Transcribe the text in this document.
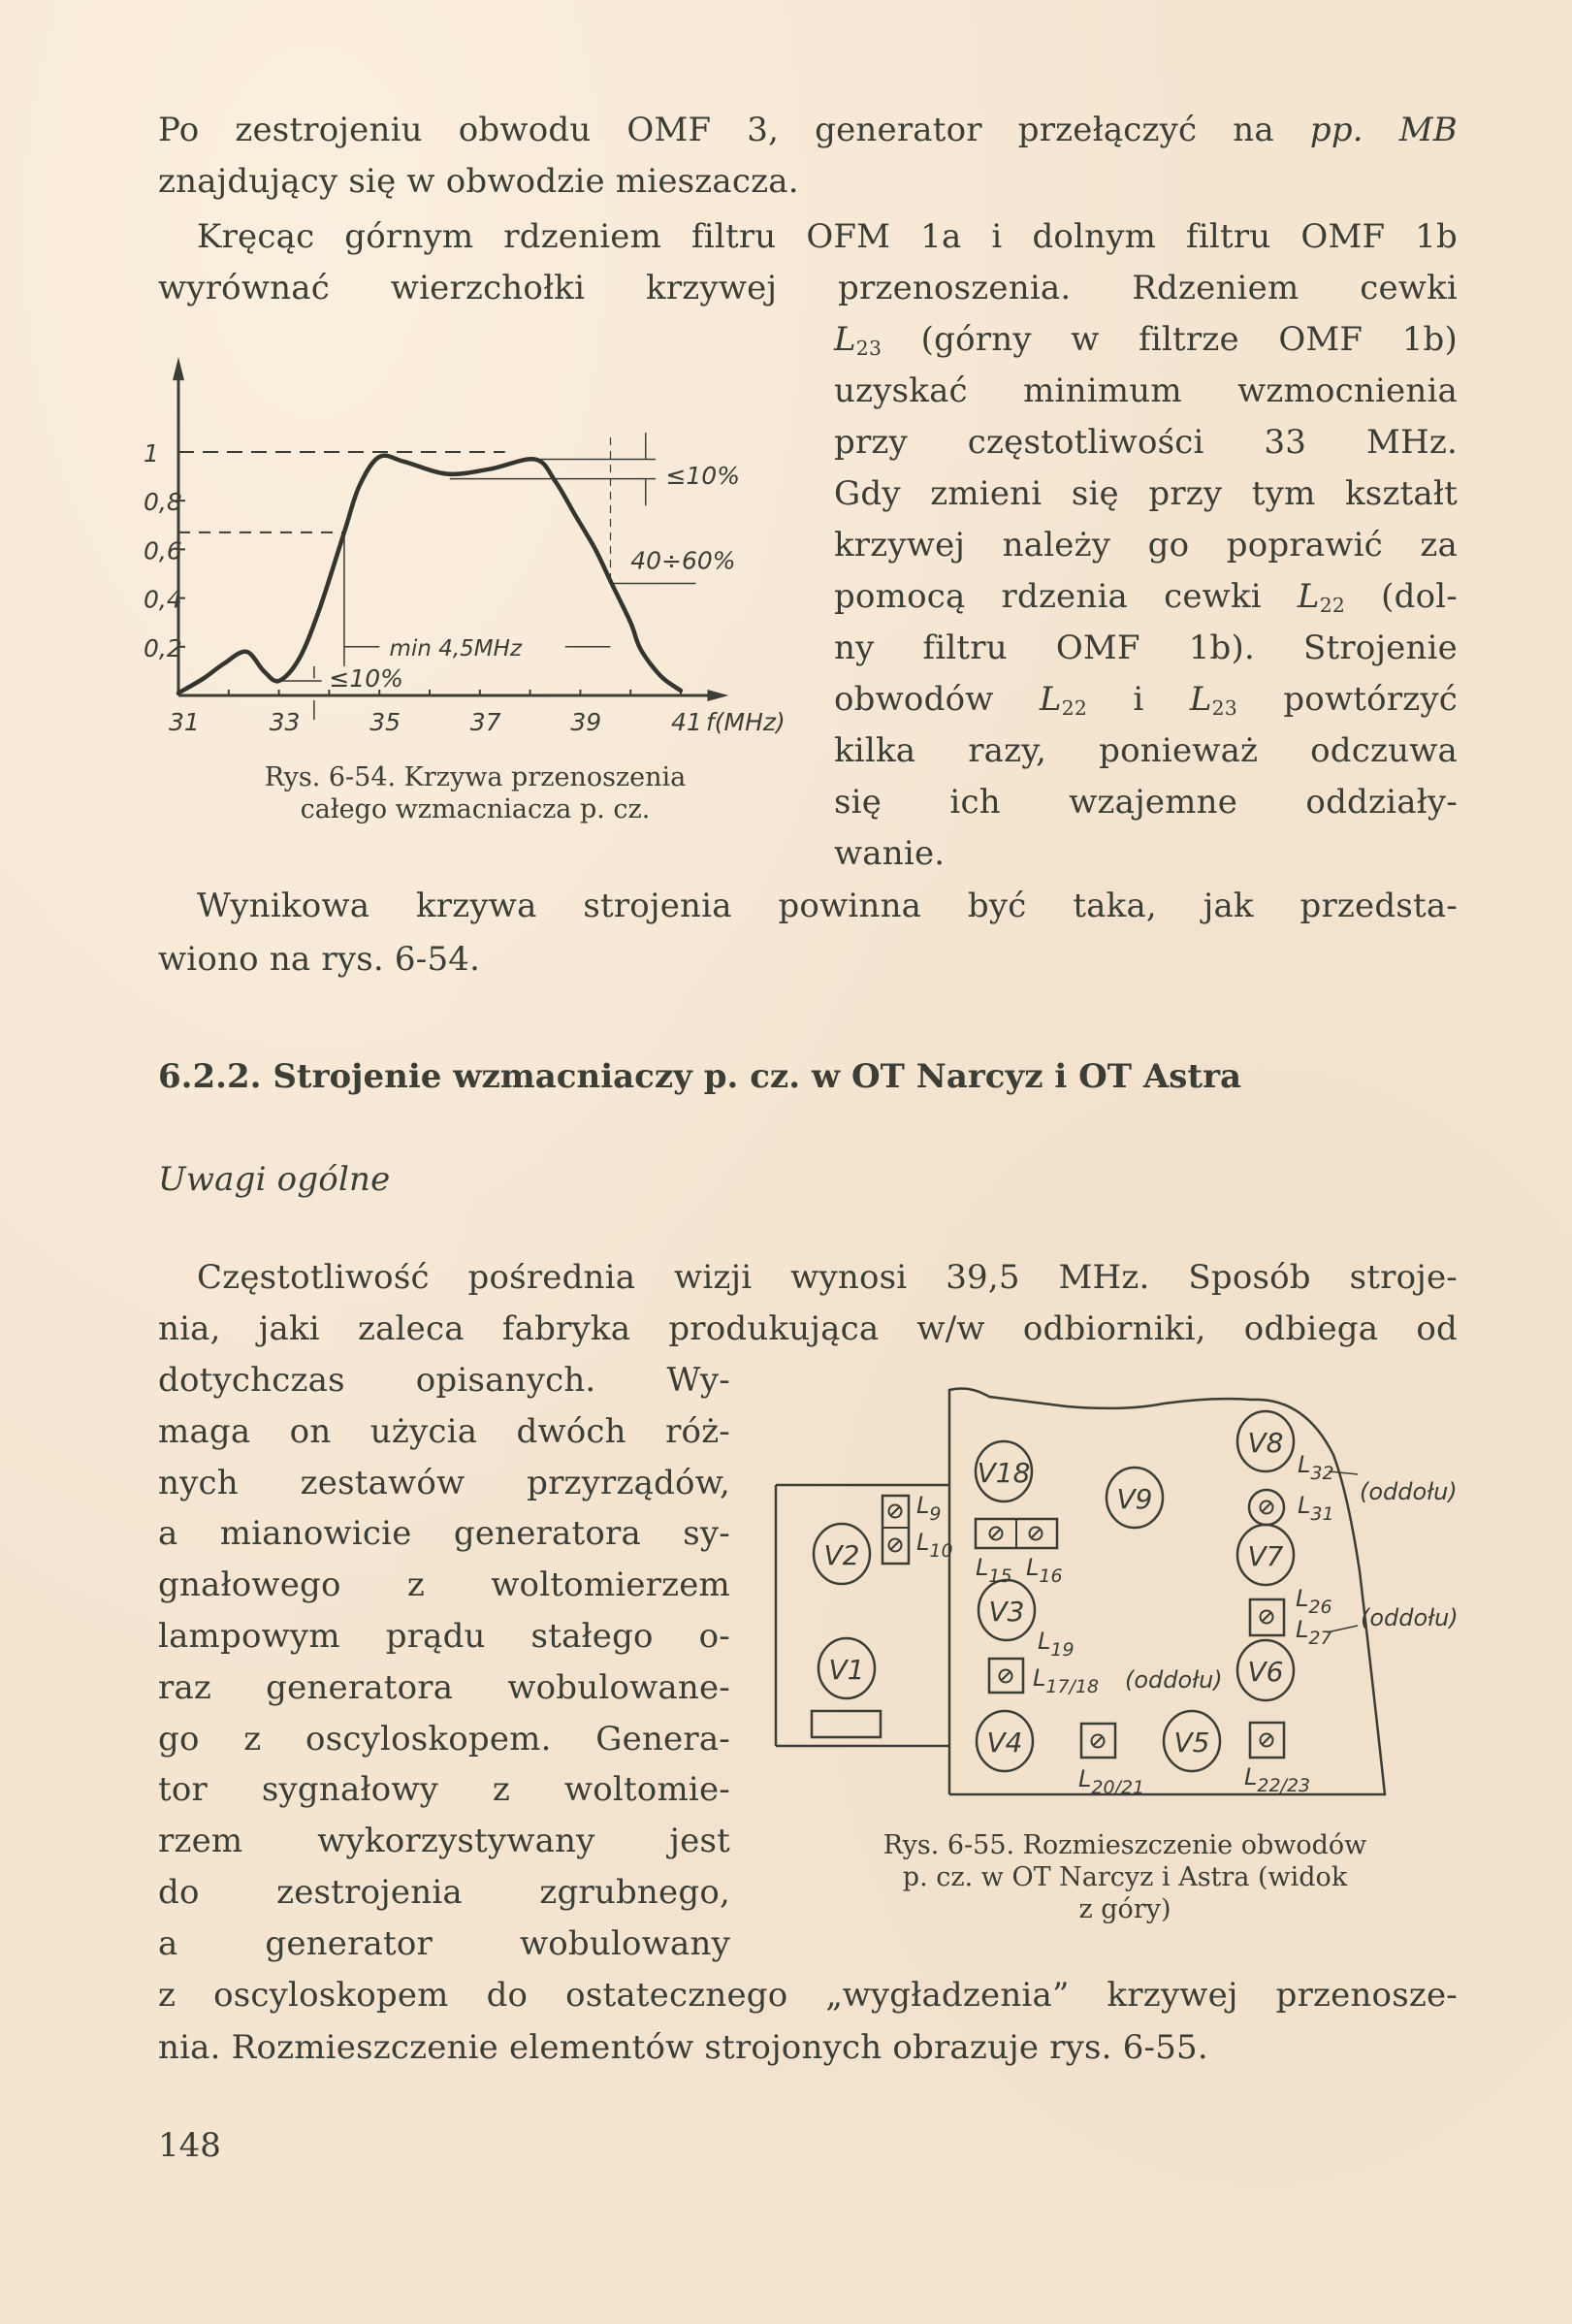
Po zestrojeniu obwodu OMF 3, generator przełączyć na pp. MB
znajdujący się w obwodzie mieszacza.
Kręcąc górnym rdzeniem filtru OFM 1a i dolnym filtru OMF 1b
wyrównać wierzchołki krzywej przenoszenia. Rdzeniem cewki
$L_{23}$ (górny w filtrze OMF 1b)
uzyskać minimum wzmocnienia
przy częstotliwości 33 MHz.
Gdy zmieni się przy tym kształt
krzywej należy go poprawić za
pomocą rdzenia cewki $L_{22}$ (dol-
ny filtru OMF 1b). Strojenie
obwodów $L_{22}$ i $L_{23}$ powtórzyć
kilka razy, ponieważ odczuwa
się ich wzajemne oddziały-
wanie.
31	33	35	37	39	41 f(MHz)
0,2
0,4
0,6
0,8
1
≤10%
40÷60%
min 4,5MHz
≤10%
Rys. 6-54. Krzywa przenoszenia
całego wzmacniacza p. cz.
Wynikowa krzywa strojenia powinna być taka, jak przedsta-
wiono na rys. 6-54.
6.2.2. Strojenie wzmacniaczy p. cz. w OT Narcyz i OT Astra
Uwagi ogólne
Częstotliwość pośrednia wizji wynosi 39,5 MHz. Sposób stroje-
nia, jaki zaleca fabryka produkująca w/w odbiorniki, odbiega od
dotychczas opisanych. Wy-
maga on użycia dwóch róż-
nych zestawów przyrządów,
a mianowicie generatora sy-
gnałowego z woltomierzem
lampowym prądu stałego o-
raz generatora wobulowane-
go z oscyloskopem. Genera-
tor sygnałowy z woltomie-
rzem wykorzystywany jest
do zestrojenia zgrubnego,
a generator wobulowany
z oscyloskopem do ostatecznego „wygładzenia” krzywej przenosze-
nia. Rozmieszczenie elementów strojonych obrazuje rys. 6-55.
V18
V9
V8
V2	V7
V3
V1	V6
V4	V5
$L_9$
$L_{10}$
$L_{15}$ $L_{16}$
$L_{32}$
$L_{31}$
$L_{26}$
$L_{27}$
$L_{19}$
$L_{17/18}$
$L_{20/21}$	$L_{22/23}$
(oddołu)
(oddołu)
(oddołu)
Rys. 6-55. Rozmieszczenie obwodów
p. cz. w OT Narcyz i Astra (widok
z góry)
148
